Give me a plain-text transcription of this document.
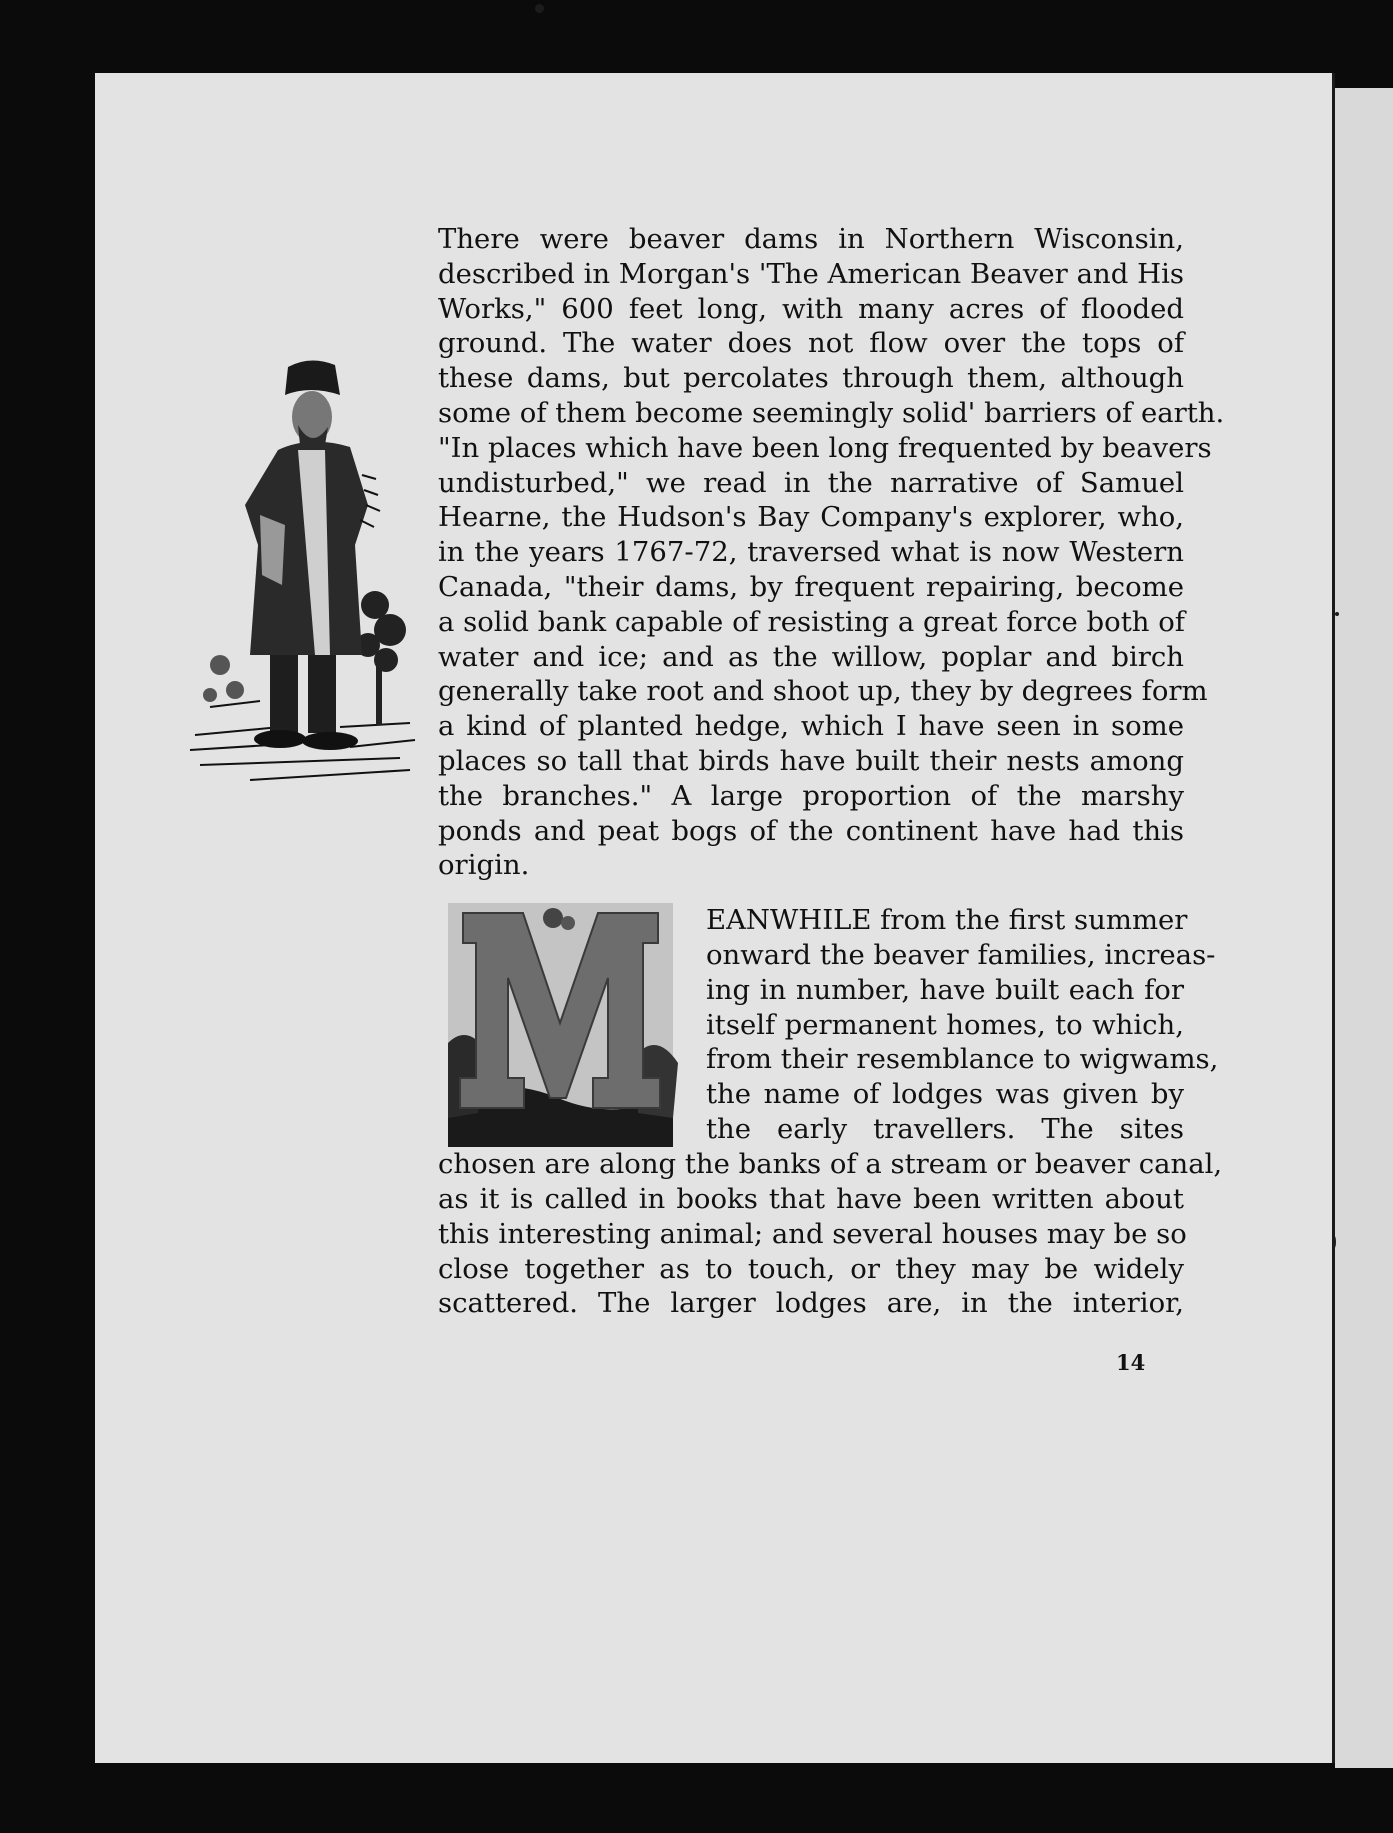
There were beaver dams in Northern Wisconsin,
described in Morgan's 'The American Beaver and His
Works," 600 feet long, with many acres of flooded
ground. The water does not flow over the tops of
these dams, but percolates through them, although
some of them become seemingly solid' barriers of earth.
"In places which have been long frequented by beavers
undisturbed," we read in the narrative of Samuel
Hearne, the Hudson's Bay Company's explorer, who,
in the years 1767-72, traversed what is now Western
Canada, "their dams, by frequent repairing, become
a solid bank capable of resisting a great force both of
water and ice; and as the willow, poplar and birch
generally take root and shoot up, they by degrees form
a kind of planted hedge, which I have seen in some
places so tall that birds have built their nests among
the branches." A large proportion of the marshy
ponds and peat bogs of the continent have had this
origin.
EANWHILE from the first summer
onward the beaver families, increas-
ing in number, have built each for
itself permanent homes, to which,
from their resemblance to wigwams,
the name of lodges was given by
the early travellers. The sites
chosen are along the banks of a stream or beaver canal,
as it is called in books that have been written about
this interesting animal; and several houses may be so
close together as to touch, or they may be widely
scattered. The larger lodges are, in the interior,
14
